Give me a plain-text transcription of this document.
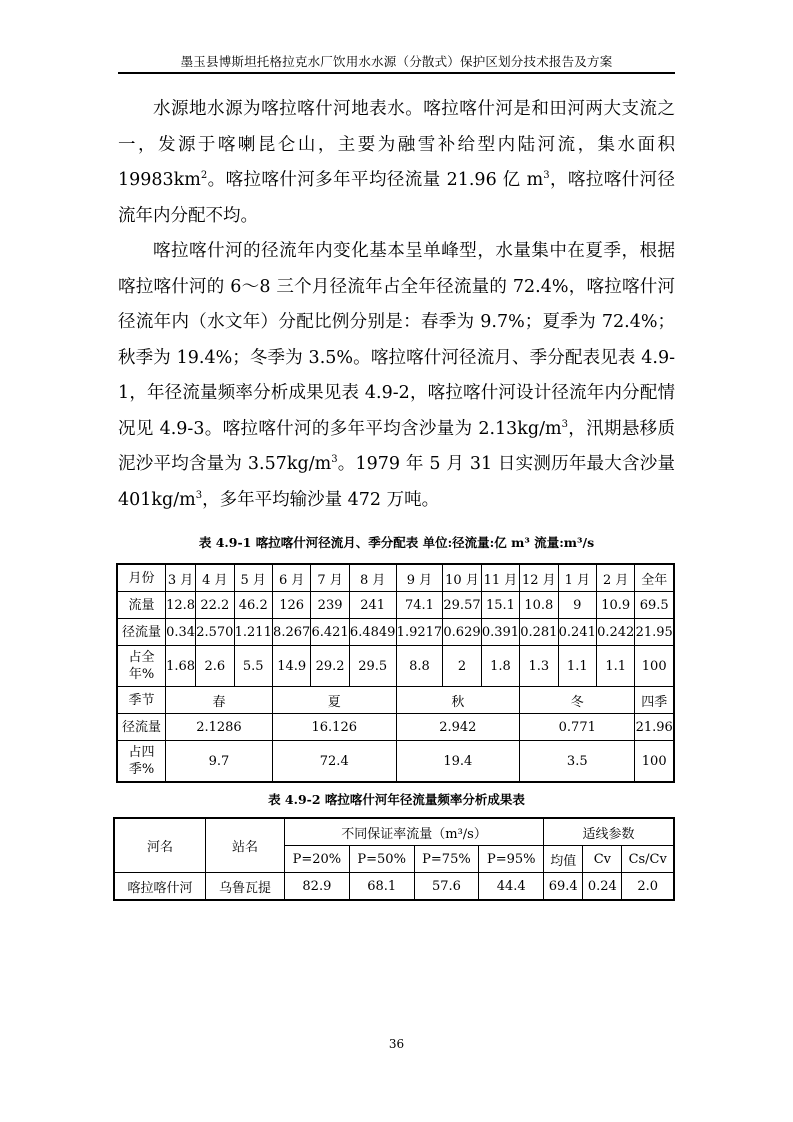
墨玉县博斯坦托格拉克水厂饮用水水源（分散式）保护区划分技术报告及方案

水源地水源为喀拉喀什河地表水。喀拉喀什河是和田河两大支流之一，发源于喀喇昆仑山，主要为融雪补给型内陆河流，集水面积$19983km^2$。喀拉喀什河多年平均径流量 21.96 亿 $m^3$，喀拉喀什河径流年内分配不均。

喀拉喀什河的径流年内变化基本呈单峰型，水量集中在夏季，根据喀拉喀什河的 6～8 三个月径流年占全年径流量的 72.4%，喀拉喀什河径流年内（水文年）分配比例分别是：春季为 9.7%；夏季为 72.4%；秋季为 19.4%；冬季为 3.5%。喀拉喀什河径流月、季分配表见表 4.9-1，年径流量频率分析成果见表 4.9-2，喀拉喀什河设计径流年内分配情况见 4.9-3。喀拉喀什河的多年平均含沙量为 $2.13kg/m^3$，汛期悬移质泥沙平均含量为 $3.57kg/m^3$。1979 年 5 月 31 日实测历年最大含沙量 $401kg/m^3$，多年平均输沙量 472 万吨。

表 4.9-1 喀拉喀什河径流月、季分配表 单位:径流量:亿 m³ 流量:m³/s
月份	3 月	4 月	5 月	6 月	7 月	8 月	9 月	10 月	11 月	12 月	1 月	2 月	全年
流量	12.8	22.2	46.2	126	239	241	74.1	29.57	15.1	10.8	9	10.9	69.5
径流量	0.34	2.570	1.211	8.267	6.421	6.4849	1.9217	0.629	0.391	0.281	0.241	0.242	21.95
占全年%	1.68	2.6	5.5	14.9	29.2	29.5	8.8	2	1.8	1.3	1.1	1.1	100
季节	春			夏			秋			冬			四季
径流量	2.1286			16.126			2.942			0.771			21.96
占四季%	9.7			72.4			19.4			3.5			100
表 4.9-2 喀拉喀什河年径流量频率分析成果表
河名	站名	不同保证率流量（m³/s）				适线参数		
		P=20%	P=50%	P=75%	P=95%	均值	Cv	Cs/Cv
喀拉喀什河	乌鲁瓦提	82.9	68.1	57.6	44.4	69.4	0.24	2.0
36
